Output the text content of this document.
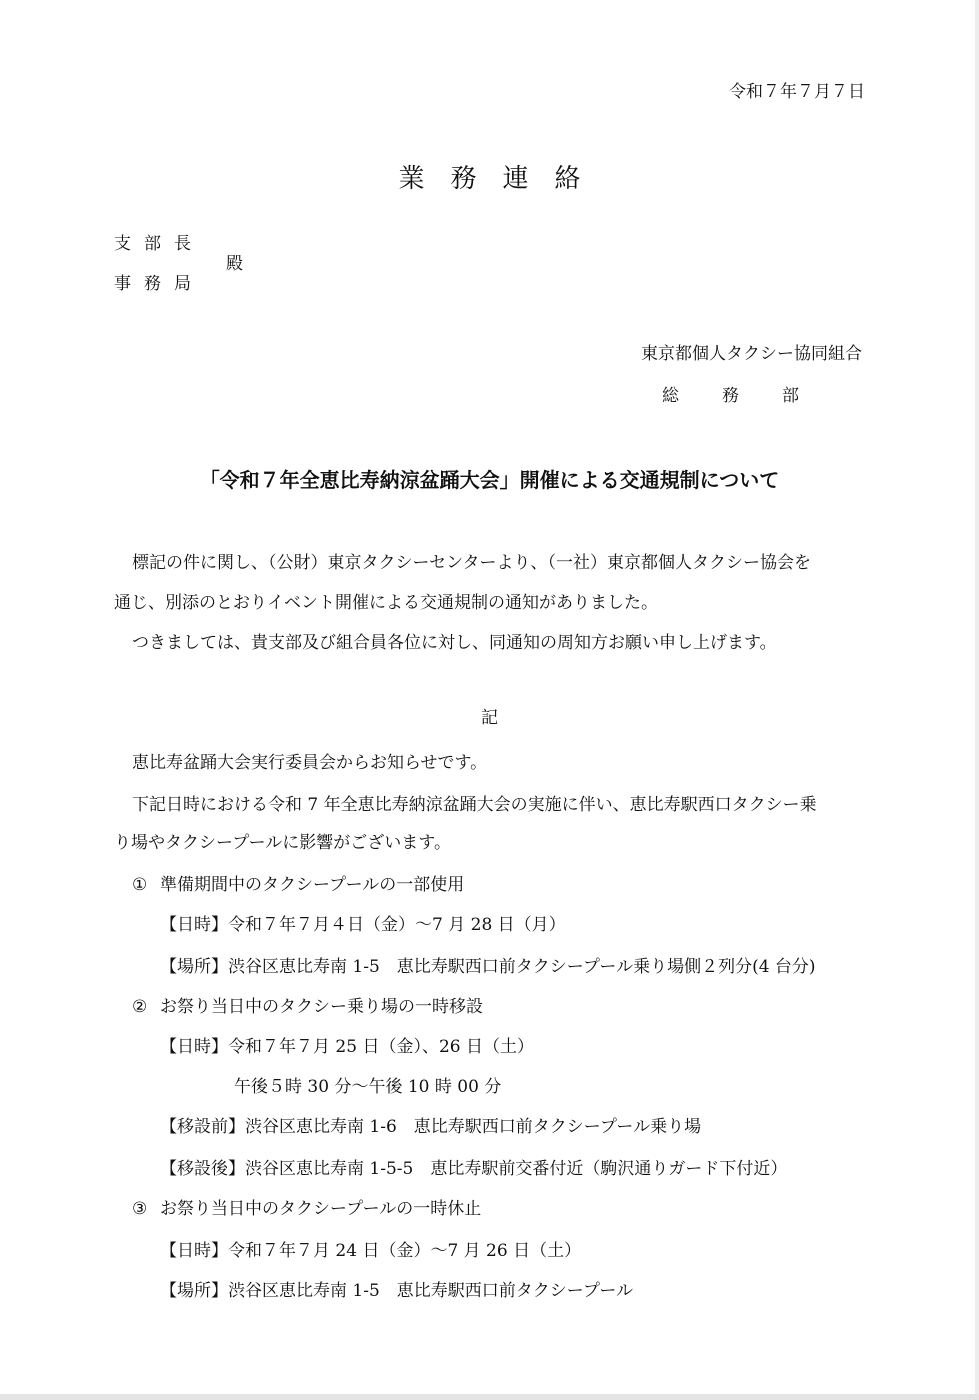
令和７年７月７日
業務連絡
支部長
事務局
殿
東京都個人タクシー協同組合
総務部
「令和７年全恵比寿納涼盆踊大会」開催による交通規制について
標記の件に関し、（公財）東京タクシーセンターより、（一社）東京都個人タクシー協会を
通じ、別添のとおりイベント開催による交通規制の通知がありました。
つきましては、貴支部及び組合員各位に対し、同通知の周知方お願い申し上げます。
記
恵比寿盆踊大会実行委員会からお知らせです。
下記日時における令和 7 年全恵比寿納涼盆踊大会の実施に伴い、恵比寿駅西口タクシー乗
り場やタクシープールに影響がございます。
① 準備期間中のタクシープールの一部使用
【日時】令和７年７月４日（金）～7 月 28 日（月）
【場所】渋谷区恵比寿南 1-5　恵比寿駅西口前タクシープール乗り場側２列分(4 台分)
② お祭り当日中のタクシー乗り場の一時移設
【日時】令和７年７月 25 日（金）、26 日（土）
午後５時 30 分～午後 10 時 00 分
【移設前】渋谷区恵比寿南 1-6　恵比寿駅西口前タクシープール乗り場
【移設後】渋谷区恵比寿南 1-5-5　恵比寿駅前交番付近（駒沢通りガード下付近）
③ お祭り当日中のタクシープールの一時休止
【日時】令和７年７月 24 日（金）～7 月 26 日（土）
【場所】渋谷区恵比寿南 1-5　恵比寿駅西口前タクシープール
